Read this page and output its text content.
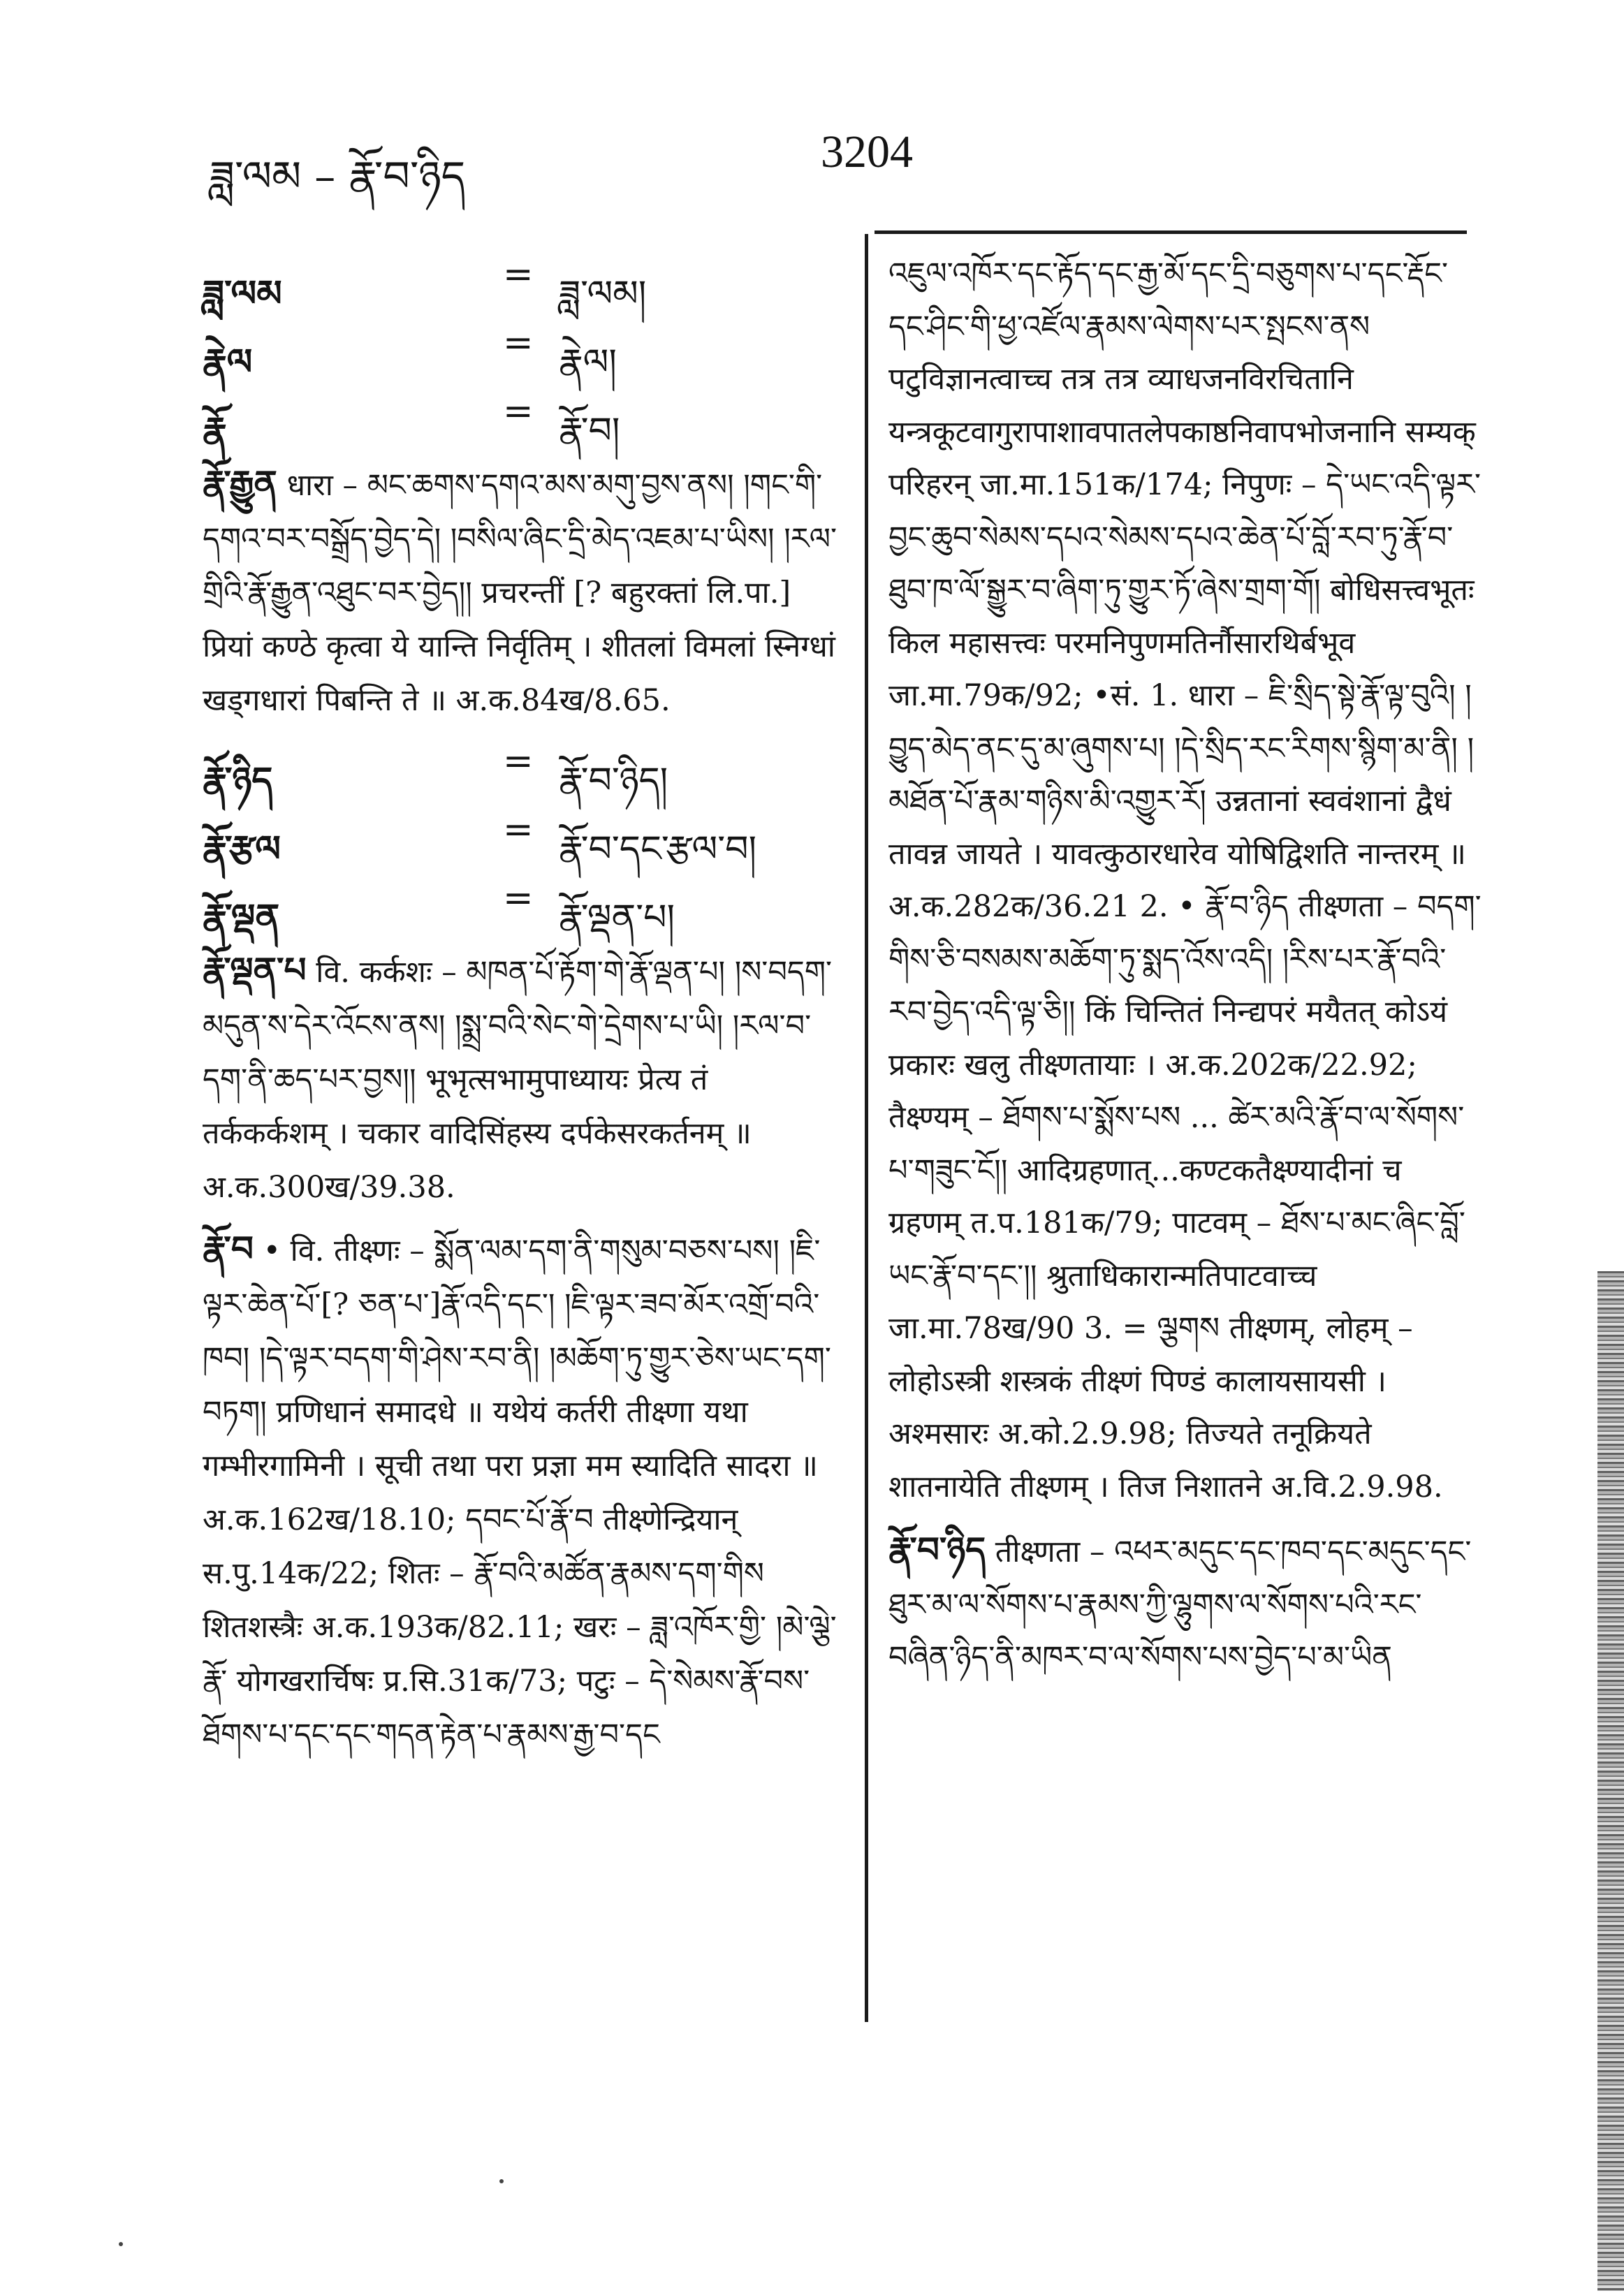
ཟླ་ལམ – རྣོ་བ་ཉིད	3204
ཟླ་ལམ	= ཟླ་ལམ།
རྣེལ	= རྣེལ།
རྣོ	= རྣོ་བ།
རྣོ་རྒྱུན धारा – མང་ཆགས་དགའ་མས་མགུ་བྱས་ནས། །གང་གི་དགའ་བར་བསྒྲོད་བྱེད་དེ། །བསིལ་ཞིང་དྲི་མེད་འཇམ་པ་ཡིས། །རལ་གྲིའི་རྣོ་རྒྱུན་འཐུང་བར་བྱེད།། प्रचरन्तीं [? बहुरक्तां लि.पा.] प्रियां कण्ठे कृत्वा ये यान्ति निर्वृतिम् । शीतलां विमलां स्निग्धां खड्गधारां पिबन्ति ते ॥ अ.क.84ख/8.65.
རྣོ་ཉིད	= རྣོ་བ་ཉིད།
རྣོ་རྩལ	= རྣོ་བ་དང་རྩལ་བ།
རྣོ་ལྡན	= རྣོ་ལྡན་པ།
རྣོ་ལྡན་པ वि. कर्कशः – མཁན་པོ་རྟོག་གེ་རྣོ་ལྡན་པ། །ས་བདག་མདུན་ས་དེར་འོངས་ནས། །སྨྲ་བའི་སེང་གེ་དྲེགས་པ་ཡི། །རལ་བ་དག་ནི་ཆད་པར་བྱས།། भूभृत्सभामुपाध्यायः प्रेत्य तं तर्ककर्कशम् । चकार वादिसिंहस्य दर्पकेसरकर्तनम् ॥ अ.क.300ख/39.38.
རྣོ་བ • वि. तीक्ष्णः – སྨོན་ལམ་དག་ནི་གསུམ་བཅས་པས། །ཇི་ལྟར་ཆེན་པོ་[? ཅན་པ་]རྣོ་འདི་དང་། །ཇི་ལྟར་ཟབ་མོར་འགྲོ་བའི་ཁབ། །དེ་ལྟར་བདག་གི་ཤེས་རབ་ནི། །མཆོག་ཏུ་གྱུར་ཅེས་ཡང་དག་བཏག། प्रणिधानं समादधे ॥ यथेयं कर्तरी तीक्ष्णा यथा गम्भीरगामिनी । सूची तथा परा प्रज्ञा मम स्यादिति सादरा ॥ अ.क.162ख/18.10; དབང་པོ་རྣོ་བ तीक्ष्णेन्द्रियान् स.पु.14क/22; शितः – རྣོ་བའི་མཚོན་རྣམས་དག་གིས शितशस्त्रैः अ.क.193क/82.11; खरः – ཟླ་འཁོར་གྱི་ །མེ་ལྕེ་རྣོ་ योगखरार्चिषः प्र.सि.31क/73; पटुः – དེ་སེམས་རྣོ་བས་ཐོགས་པ་དང་དང་གདན་རྟེན་པ་རྣམས་རྒྱ་བ་དང
འཇུལ་འཁོར་དང་རྟོད་དང་རྒྱ་མོ་དང་དྲི་བཅུགས་པ་དང་རྡོང་དང་ཤིང་གི་ཕྱ་འཛོལ་རྣམས་ལེགས་པར་སྤངས་ནས पटुविज्ञानत्वाच्च तत्र तत्र व्याधजनविरचितानि यन्त्रकूटवागुरापाशावपातलेपकाष्ठनिवापभोजनानि सम्यक् परिहरन् जा.मा.151क/174; निपुणः – དེ་ཡང་འདི་ལྟར་བྱང་ཆུབ་སེམས་དཔའ་སེམས་དཔའ་ཆེན་པོ་བློ་རབ་ཏུ་རྣོ་བ་ཐུབ་ཁ་ལོ་སྒྱུར་བ་ཞིག་ཏུ་གྱུར་ཏོ་ཞེས་གྲག་གོ། बोधिसत्त्वभूतः किल महासत्त्वः परमनिपुणमतिर्नौसारथिर्बभूव जा.मा.79क/92; •सं. 1. धारा – ཇི་སྲིད་སྟེ་རྣོ་ལྟ་བུའི། །བྱུད་མེད་ནང་དུ་མ་ཞུགས་པ། །དེ་སྲིད་རང་རིགས་སྙིག་མ་ནི། །མཐོན་པོ་རྣམ་གཉིས་མི་འགྱུར་རོ། उन्नतानां स्ववंशानां द्वैधं तावन्न जायते । यावत्कुठारधारेव योषिद्विशति नान्तरम् ॥ अ.क.282क/36.21 2. • རྣོ་བ་ཉིད तीक्ष्णता – བདག་གིས་ཅི་བསམས་མཆོག་ཏུ་སྨད་འོས་འདི། །རིས་པར་རྣོ་བའི་རབ་བྱེད་འདི་ལྟ་ཅི།། किं चिन्तितं निन्द्यपरं मयैतत् कोऽयं प्रकारः खलु तीक्ष्णतायाः । अ.क.202क/22.92; तैक्ष्ण्यम् – ཐོགས་པ་སྨོས་པས ... ཚེར་མའི་རྣོ་བ་ལ་སོགས་པ་གཟུང་ངོ།། आदिग्रहणात्...कण्टकतैक्ष्ण्यादीनां च ग्रहणम् त.प.181क/79; पाटवम् – ཐོས་པ་མང་ཞིང་བློ་ཡང་རྣོ་བ་དང་།། श्रुताधिकारान्मतिपाटवाच्च जा.मा.78ख/90 3. = ལྕགས तीक्ष्णम्, लोहम् – लोहोऽस्त्री शस्त्रकं तीक्ष्णं पिण्डं कालायसायसी । अश्मसारः अ.को.2.9.98; तिज्यते तनूक्रियते शातनायेति तीक्ष्णम् । तिज निशातने अ.वि.2.9.98.
རྣོ་བ་ཉིད तीक्ष्णता – འཕར་མདུང་དང་ཁབ་དང་མདུང་དང་ཐུར་མ་ལ་སོགས་པ་རྣམས་ཀྱི་ལྷུགས་ལ་སོགས་པའི་རང་བཞིན་ཉིད་ནི་མཁར་བ་ལ་སོགས་པས་བྱེད་པ་མ་ཡིན
